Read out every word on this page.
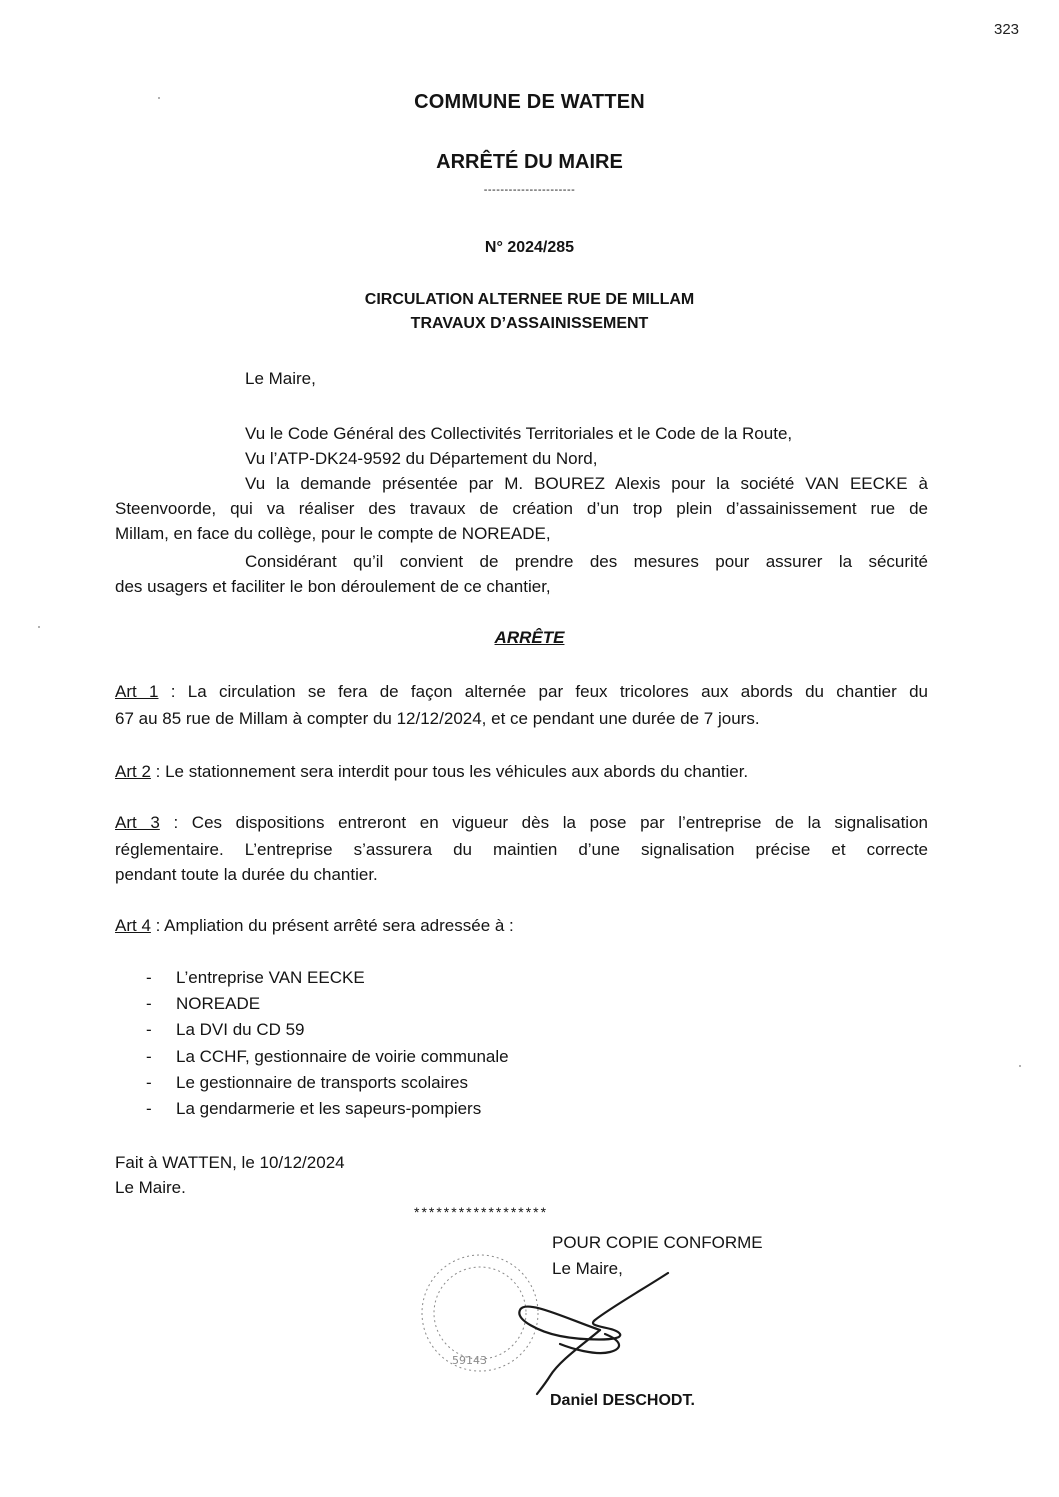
323
COMMUNE DE WATTEN
ARRÊTÉ DU MAIRE
----------------------
N° 2024/285
CIRCULATION ALTERNEE RUE DE MILLAM
TRAVAUX D’ASSAINISSEMENT
Le Maire,
Vu le Code Général des Collectivités Territoriales et le Code de la Route,
Vu l’ATP-DK24-9592 du Département du Nord,
Vu la demande présentée par M. BOUREZ Alexis pour la société VAN EECKE à
Steenvoorde, qui va réaliser des travaux de création d’un trop plein d’assainissement rue de
Millam, en face du collège, pour le compte de NOREADE,
Considérant qu’il convient de prendre des mesures pour assurer la sécurité
des usagers et faciliter le bon déroulement de ce chantier,
ARRÊTE
Art 1 : La circulation se fera de façon alternée par feux tricolores aux abords du chantier du
67 au 85 rue de Millam à compter du 12/12/2024, et ce pendant une durée de 7 jours.
Art 2 : Le stationnement sera interdit pour tous les véhicules aux abords du chantier.
Art 3 : Ces dispositions entreront en vigueur dès la pose par l’entreprise de la signalisation
réglementaire. L’entreprise s’assurera du maintien d’une signalisation précise et correcte
pendant toute la durée du chantier.
Art 4 : Ampliation du présent arrêté sera adressée à :
- L’entreprise VAN EECKE
- NOREADE
- La DVI du CD 59
- La CCHF, gestionnaire de voirie communale
- Le gestionnaire de transports scolaires
- La gendarmerie et les sapeurs-pompiers
Fait à WATTEN, le 10/12/2024
Le Maire.
******************
POUR COPIE CONFORME
Le Maire,
59143
Daniel DESCHODT.
